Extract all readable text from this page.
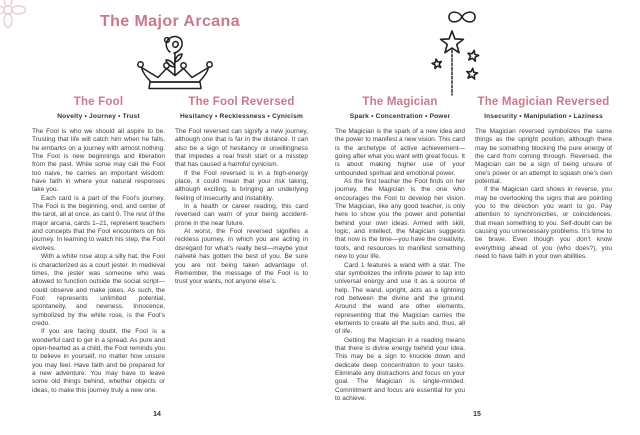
The Major Arcana
The Fool
Novelty • Journey • Trust

The Fool is who we should all aspire to be. Trusting that life will catch him when he falls, he embarks on a journey with almost nothing. The Fool is new beginnings and liberation from the past. While some may call the Fool too naive, he carries an important wisdom: have faith in where your natural responses take you.

Each card is a part of the Fool’s journey. The Fool is the beginning, end, and center of the tarot, all at once, as card 0. The rest of the major arcana, cards 1–21, represent teachers and concepts that the Fool encounters on his journey. In learning to watch his step, the Fool evolves.

With a white rose atop a silly hat, the Fool is characterized as a court jester. In medieval times, the jester was someone who was allowed to function outside the social script—could observe and make jokes. As such, the Fool represents unlimited potential, spontaneity, and newness. Innocence, symbolized by the white rose, is the Fool’s credo.

If you are facing doubt, the Fool is a wonderful card to get in a spread. As pure and open-hearted as a child, the Fool reminds you to believe in yourself, no matter how unsure you may feel. Have faith and be prepared for a new adventure. You may have to leave some old things behind, whether objects or ideas, to make this journey truly a new one.

The Fool Reversed
Hesitancy • Recklessness • Cynicism

The Fool reversed can signify a new journey, although one that is far in the distance. It can also be a sign of hesitancy or unwillingness that impedes a real fresh start or a misstep that has caused a harmful cynicism.

If the Fool reversed is in a high-energy place, it could mean that your risk taking, although exciting, is bringing an underlying feeling of insecurity and instability.

In a health or career reading, this card reversed can warn of your being accident-prone in the near future.

At worst, the Fool reversed signifies a reckless journey, in which you are acting in disregard for what’s really best—maybe your naïveté has gotten the best of you. Be sure you are not being taken advantage of. Remember, the message of the Fool is to trust your wants, not anyone else’s.

14
The Magician
Spark • Concentration • Power

The Magician is the spark of a new idea and the power to manifest a new vision. This card is the archetype of active achievement—going after what you want with great focus. It is about making higher use of your unbounded spiritual and emotional power.

As the first teacher the Fool finds on her journey, the Magician is the one who encourages the Fool to develop her vision. The Magician, like any good teacher, is only here to show you the power and potential behind your own ideas. Armed with skill, logic, and intellect, the Magician suggests that now is the time—you have the creativity, tools, and resources to manifest something new to your life.

Card 1 features a wand with a star. The star symbolizes the infinite power to tap into universal energy and use it as a source of help. The wand, upright, acts as a lightning rod between the divine and the ground. Around the wand are other elements, representing that the Magician carries the elements to create all the suits and, thus, all of life.

Getting the Magician in a reading means that there is divine energy behind your idea. This may be a sign to knuckle down and dedicate deep concentration to your tasks. Eliminate any distractions and focus on your goal. The Magician is single-minded. Commitment and focus are essential for you to achieve.

The Magician Reversed
Insecurity • Manipulation • Laziness

The Magician reversed symbolizes the same things as the upright position, although there may be something blocking the pure energy of the card from coming through. Reversed, the Magician can be a sign of being unsure of one’s power or an attempt to squash one’s own potential.

If the Magician card shows in reverse, you may be overlooking the signs that are pointing you to the direction you want to go. Pay attention to synchronicities, or coincidences, that mean something to you. Self-doubt can be causing you unnecessary problems. It’s time to be brave. Even though you don’t know everything ahead of you (who does?), you need to have faith in your own abilities.

15
